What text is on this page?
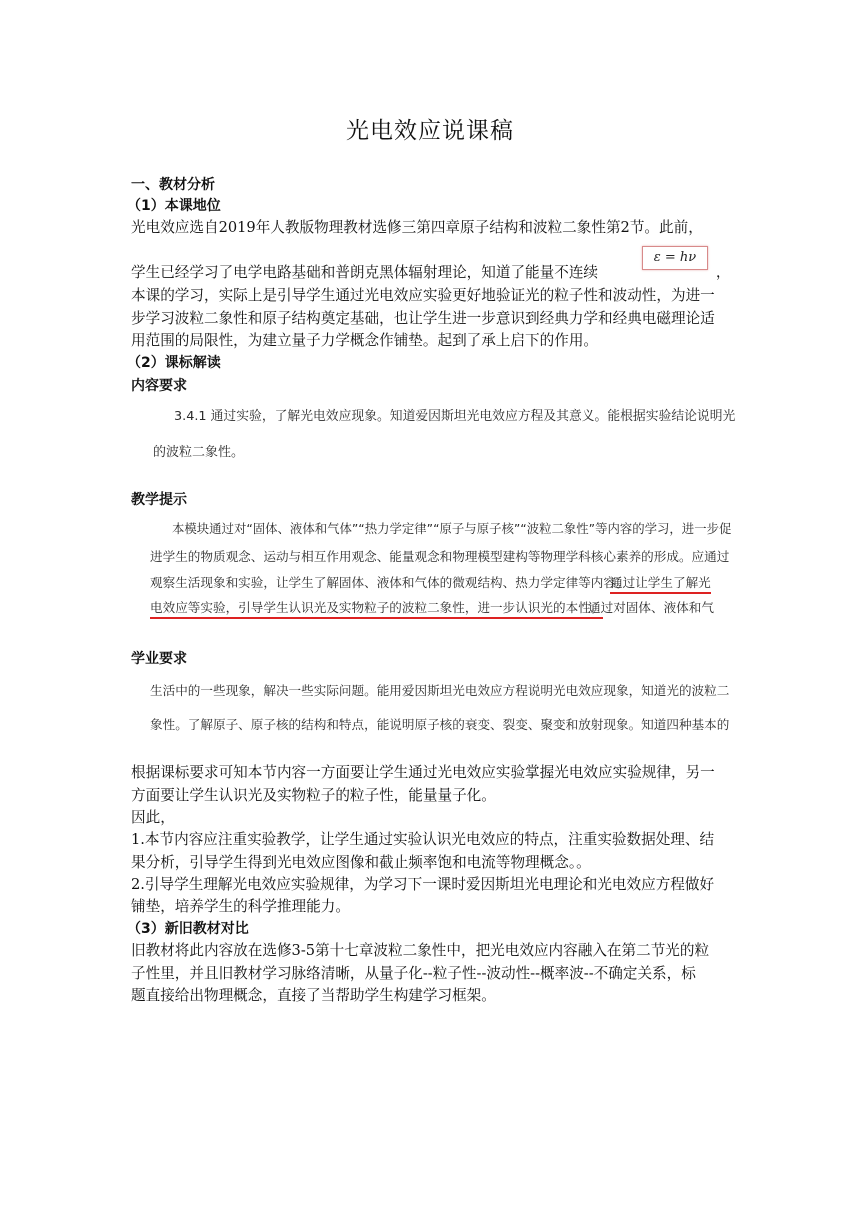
光电效应说课稿
一、教材分析
（1）本课地位
光电效应选自2019年人教版物理教材选修三第四章原子结构和波粒二象性第2节。此前，
学生已经学习了电学电路基础和普朗克黑体辐射理论，知道了能量不连续
ε = hν
，
本课的学习，实际上是引导学生通过光电效应实验更好地验证光的粒子性和波动性，为进一
步学习波粒二象性和原子结构奠定基础，也让学生进一步意识到经典力学和经典电磁理论适
用范围的局限性，为建立量子力学概念作铺垫。起到了承上启下的作用。
（2）课标解读
内容要求
3.4.1 通过实验，了解光电效应现象。知道爱因斯坦光电效应方程及其意义。能根据实验结论说明光
的波粒二象性。
教学提示
本模块通过对“固体、液体和气体”“热力学定律”“原子与原子核”“波粒二象性”等内容的学习，进一步促
进学生的物质观念、运动与相互作用观念、能量观念和物理模型建构等物理学科核心素养的形成。应通过
观察生活现象和实验，让学生了解固体、液体和气体的微观结构、热力学定律等内容。
通过让学生了解光
电效应等实验，引导学生认识光及实物粒子的波粒二象性，进一步认识光的本性。
通过对固体、液体和气
学业要求
生活中的一些现象，解决一些实际问题。能用爱因斯坦光电效应方程说明光电效应现象，知道光的波粒二
象性。了解原子、原子核的结构和特点，能说明原子核的衰变、裂变、聚变和放射现象。知道四种基本的
根据课标要求可知本节内容一方面要让学生通过光电效应实验掌握光电效应实验规律，另一
方面要让学生认识光及实物粒子的粒子性，能量量子化。
因此，
1.本节内容应注重实验教学，让学生通过实验认识光电效应的特点，注重实验数据处理、结
果分析，引导学生得到光电效应图像和截止频率饱和电流等物理概念。。
2.引导学生理解光电效应实验规律，为学习下一课时爱因斯坦光电理论和光电效应方程做好
铺垫，培养学生的科学推理能力。
（3）新旧教材对比
旧教材将此内容放在选修3-5第十七章波粒二象性中，把光电效应内容融入在第二节光的粒
子性里，并且旧教材学习脉络清晰，从量子化--粒子性--波动性--概率波--不确定关系，标
题直接给出物理概念，直接了当帮助学生构建学习框架。
